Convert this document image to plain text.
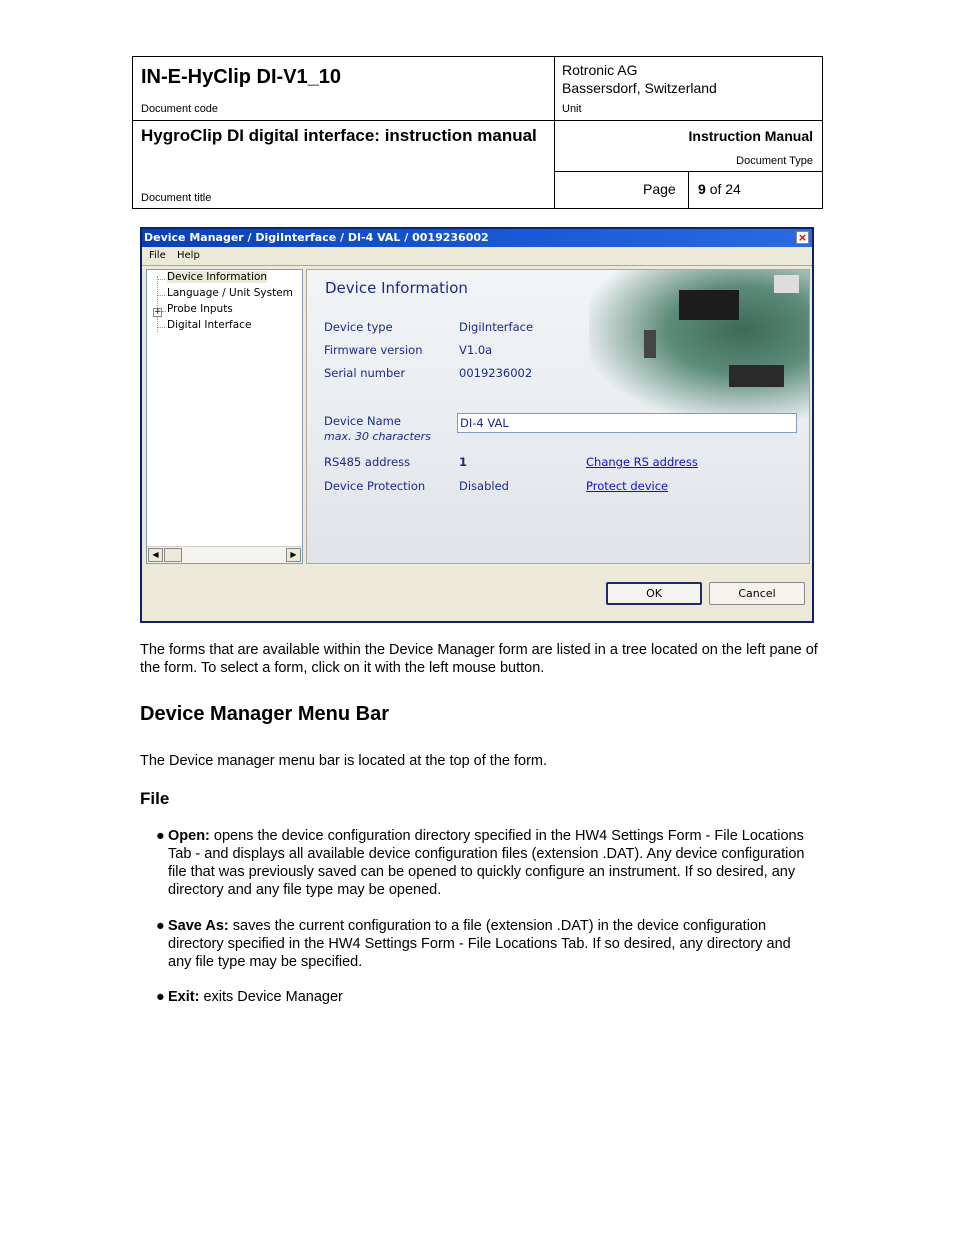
IN-E-HyClip DI-V1_10
Document code
Rotronic AG
Bassersdorf, Switzerland
Unit
HygroClip DI digital interface: instruction manual
Document title
Instruction Manual
Document Type
Page 9 of 24
Device Manager / DigiInterface / DI-4 VAL / 0019236002	×
File Help
+
Device Information
Language / Unit System
Probe Inputs
Digital Interface
◀	▶
Device Information
Device type	DigiInterface
Firmware version	V1.0a
Serial number	0019236002
Device Name
max. 30 characters
DI-4 VAL
RS485 address	1	Change RS address
Device Protection	Disabled	Protect device
OK	Cancel
The forms that are available within the Device Manager form are listed in a tree located on the left pane of the form. To select a form, click on it with the left mouse button.
Device Manager Menu Bar
The Device manager menu bar is located at the top of the form.
File
● Open: opens the device configuration directory specified in the HW4 Settings Form - File Locations Tab - and displays all available device configuration files (extension .DAT). Any device configuration file that was previously saved can be opened to quickly configure an instrument. If so desired, any directory and any file type may be opened.
● Save As: saves the current configuration to a file (extension .DAT) in the device configuration directory specified in the HW4 Settings Form - File Locations Tab. If so desired, any directory and any file type may be specified.
● Exit: exits Device Manager
